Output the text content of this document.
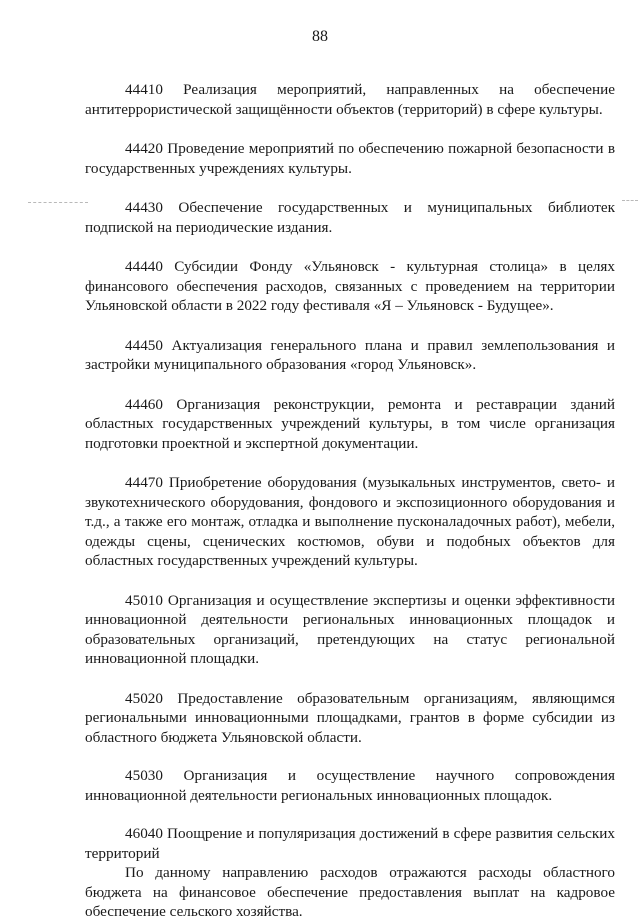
88

44410 Реализация мероприятий, направленных на обеспечение антитеррористической защищённости объектов (территорий) в сфере культуры.

44420 Проведение мероприятий по обеспечению пожарной безопасности в государственных учреждениях культуры.

44430 Обеспечение государственных и муниципальных библиотек подпиской на периодические издания.

44440 Субсидии Фонду «Ульяновск - культурная столица» в целях финансового обеспечения расходов, связанных с проведением на территории Ульяновской области в 2022 году фестиваля «Я – Ульяновск - Будущее».

44450 Актуализация генерального плана и правил землепользования и застройки муниципального образования «город Ульяновск».

44460 Организация реконструкции, ремонта и реставрации зданий областных государственных учреждений культуры, в том числе организация подготовки проектной и экспертной документации.

44470 Приобретение оборудования (музыкальных инструментов, свето- и звукотехнического оборудования, фондового и экспозиционного оборудования и т.д., а также его монтаж, отладка и выполнение пусконаладочных работ), мебели, одежды сцены, сценических костюмов, обуви и подобных объектов для областных государственных учреждений культуры.

45010 Организация и осуществление экспертизы и оценки эффективности инновационной деятельности региональных инновационных площадок и образовательных организаций, претендующих на статус региональной инновационной площадки.

45020 Предоставление образовательным организациям, являющимся региональными инновационными площадками, грантов в форме субсидии из областного бюджета Ульяновской области.

45030 Организация и осуществление научного сопровождения инновационной деятельности региональных инновационных площадок.

46040 Поощрение и популяризация достижений в сфере развития сельских территорий

По данному направлению расходов отражаются расходы областного бюджета на финансовое обеспечение предоставления выплат на кадровое обеспечение сельского хозяйства.
